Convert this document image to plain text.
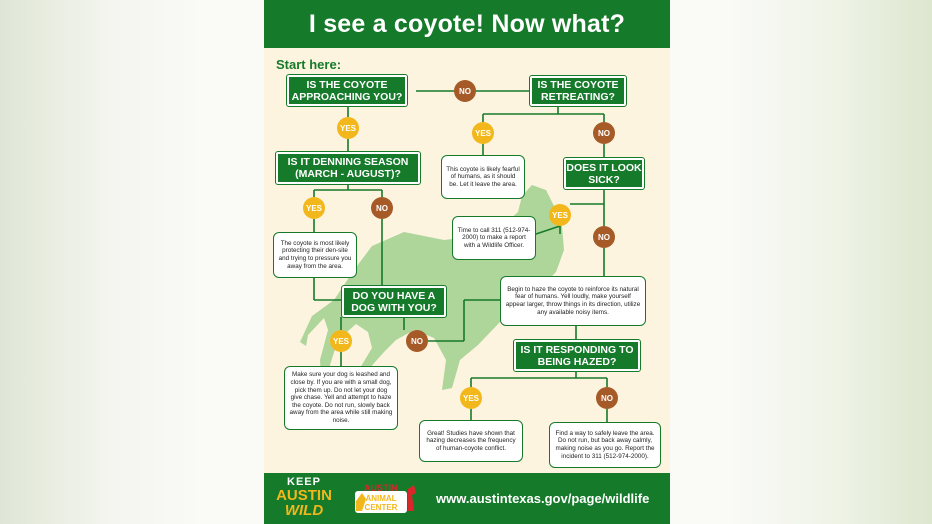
I see a coyote! Now what?
Start here:
IS THE COYOTE APPROACHING YOU?
IS THE COYOTE RETREATING?
IS IT DENNING SEASON (MARCH - AUGUST)?
DOES IT LOOK SICK?
DO YOU HAVE A DOG WITH YOU?
IS IT RESPONDING TO BEING HAZED?
NO
YES
YES	NO
YES	NO
YES
NO
YES	NO
YES	NO
This coyote is likely fearful of humans, as it should be. Let it leave the area.
Time to call 311 (512-974-2000) to make a report with a Wildlife Officer.
The coyote is most likely protecting their den-site and trying to pressure you away from the area.
Begin to haze the coyote to reinforce its natural fear of humans. Yell loudly, make yourself appear larger, throw things in its direction, utilize any available noisy items.
Make sure your dog is leashed and close by. If you are with a small dog, pick them up. Do not let your dog give chase. Yell and attempt to haze the coyote. Do not run, slowly back away from the area while still making noise.
Great! Studies have shown that hazing decreases the frequency of human-coyote conflict.
Find a way to safely leave the area. Do not run, but back away calmly, making noise as you go. Report the incident to 311 (512-974-2000).
KEEP
AUSTIN
WILD
AUSTIN
ANIMAL CENTER
www.austintexas.gov/page/wildlife
